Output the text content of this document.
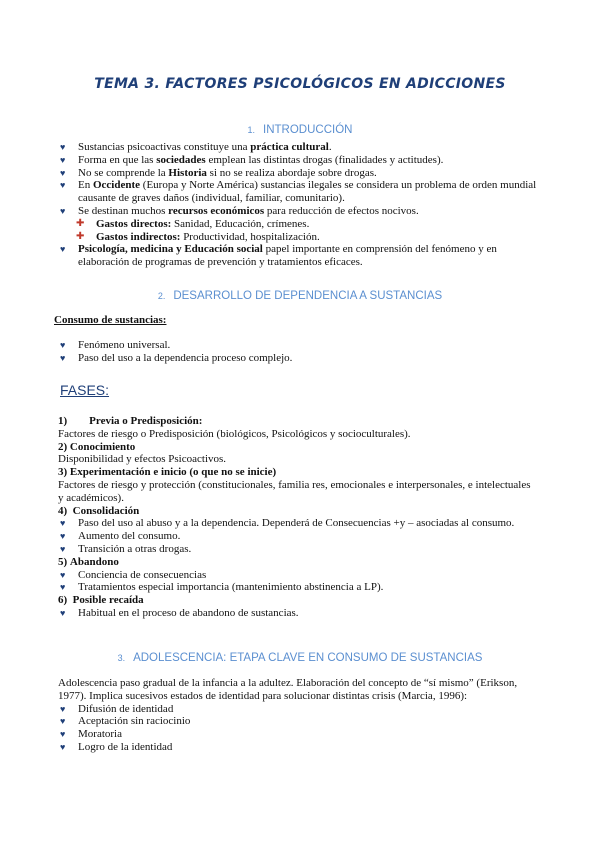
TEMA 3. FACTORES PSICOLÓGICOS EN ADICCIONES
1. INTRODUCCIÓN
♥ Sustancias psicoactivas constituye una práctica cultural.
♥ Forma en que las sociedades emplean las distintas drogas (finalidades y actitudes).
♥ No se comprende la Historia si no se realiza abordaje sobre drogas.
♥ En Occidente (Europa y Norte América) sustancias ilegales se considera un problema de orden mundial causante de graves daños (individual, familiar, comunitario).
♥ Se destinan muchos recursos económicos para reducción de efectos nocivos.
✚ Gastos directos: Sanidad, Educación, crímenes.
✚ Gastos indirectos: Productividad, hospitalización.
♥ Psicología, medicina y Educación social papel importante en comprensión del fenómeno y en elaboración de programas de prevención y tratamientos eficaces.
2. DESARROLLO DE DEPENDENCIA A SUSTANCIAS
Consumo de sustancias:
♥ Fenómeno universal.
♥ Paso del uso a la dependencia proceso complejo.
FASES:
1) Previa o Predisposición:
Factores de riesgo o Predisposición (biológicos, Psicológicos y socioculturales).
2) Conocimiento
Disponibilidad y efectos Psicoactivos.
3) Experimentación e inicio (o que no se inicie)
Factores de riesgo y protección (constitucionales, familia res, emocionales e interpersonales, e intelectuales y académicos).
4) Consolidación
♥ Paso del uso al abuso y a la dependencia. Dependerá de Consecuencias +y – asociadas al consumo.
♥ Aumento del consumo.
♥ Transición a otras drogas.
5) Abandono
♥ Conciencia de consecuencias
♥ Tratamientos especial importancia (mantenimiento abstinencia a LP).
6) Posible recaída
♥ Habitual en el proceso de abandono de sustancias.
3. ADOLESCENCIA: ETAPA CLAVE EN CONSUMO DE SUSTANCIAS
Adolescencia paso gradual de la infancia a la adultez. Elaboración del concepto de “sí mismo” (Erikson, 1977). Implica sucesivos estados de identidad para solucionar distintas crisis (Marcia, 1996):
♥ Difusión de identidad
♥ Aceptación sin raciocinio
♥ Moratoria
♥ Logro de la identidad
